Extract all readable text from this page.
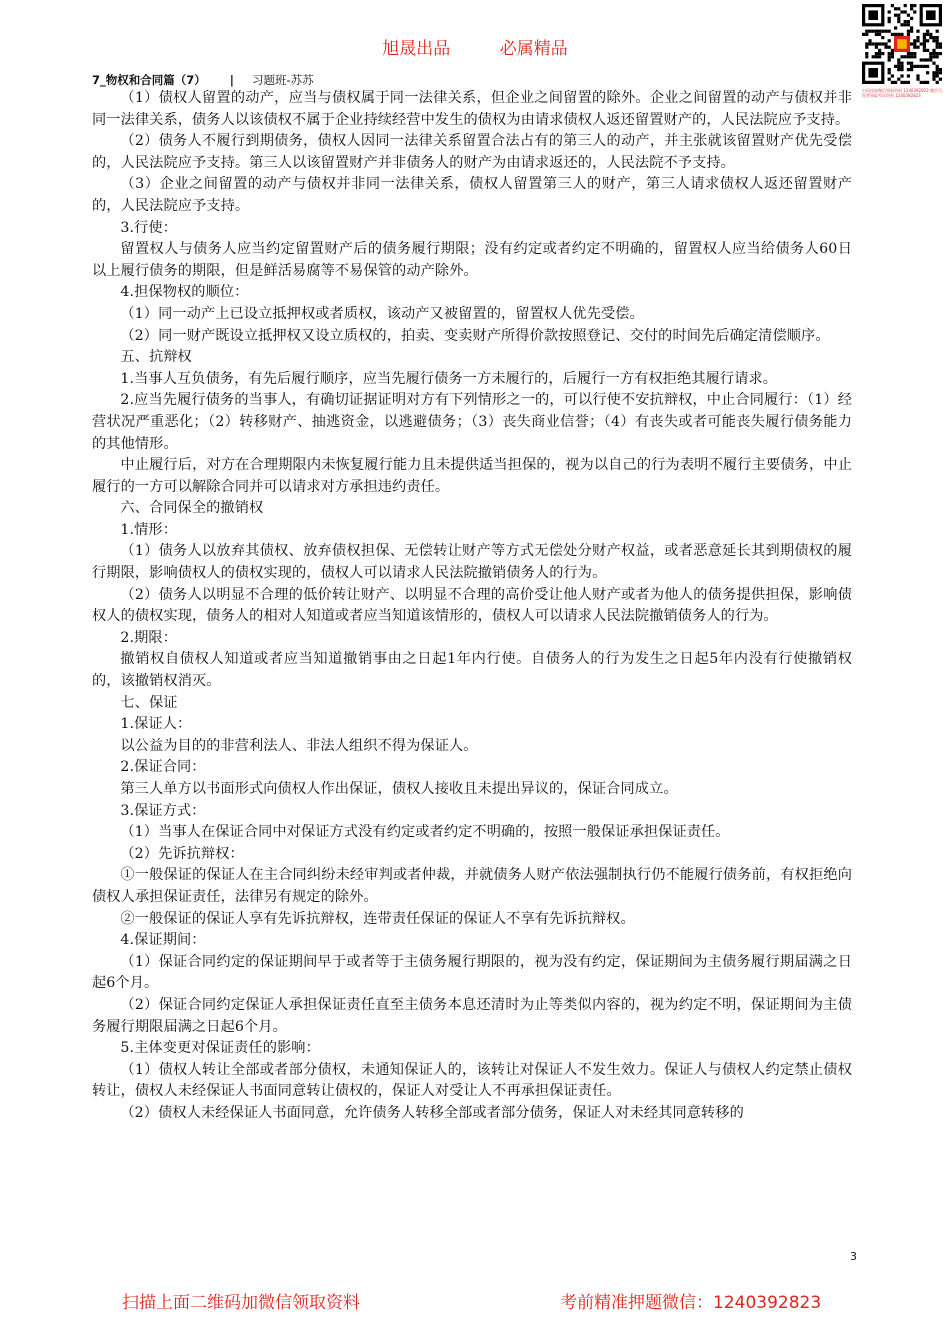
旭晟出品	必属精品
扫码添加微信领取资料 1240392823 微信号,免费领取考试资料 1240392823
7_物权和合同篇（7） | 习题班-苏苏

（1）债权人留置的动产，应当与债权属于同一法律关系，但企业之间留置的除外。企业之间留置的动产与债权并非同一法律关系，债务人以该债权不属于企业持续经营中发生的债权为由请求债权人返还留置财产的，人民法院应予支持。

（2）债务人不履行到期债务，债权人因同一法律关系留置合法占有的第三人的动产，并主张就该留置财产优先受偿的，人民法院应予支持。第三人以该留置财产并非债务人的财产为由请求返还的，人民法院不予支持。

（3）企业之间留置的动产与债权并非同一法律关系，债权人留置第三人的财产，第三人请求债权人返还留置财产的，人民法院应予支持。

3.行使：

留置权人与债务人应当约定留置财产后的债务履行期限；没有约定或者约定不明确的，留置权人应当给债务人60日以上履行债务的期限，但是鲜活易腐等不易保管的动产除外。

4.担保物权的顺位：

（1）同一动产上已设立抵押权或者质权，该动产又被留置的，留置权人优先受偿。

（2）同一财产既设立抵押权又设立质权的，拍卖、变卖财产所得价款按照登记、交付的时间先后确定清偿顺序。

五、抗辩权

1.当事人互负债务，有先后履行顺序，应当先履行债务一方未履行的，后履行一方有权拒绝其履行请求。

2.应当先履行债务的当事人，有确切证据证明对方有下列情形之一的，可以行使不安抗辩权，中止合同履行：（1）经营状况严重恶化；（2）转移财产、抽逃资金，以逃避债务；（3）丧失商业信誉；（4）有丧失或者可能丧失履行债务能力的其他情形。

中止履行后，对方在合理期限内未恢复履行能力且未提供适当担保的，视为以自己的行为表明不履行主要债务，中止履行的一方可以解除合同并可以请求对方承担违约责任。

六、合同保全的撤销权

1.情形：

（1）债务人以放弃其债权、放弃债权担保、无偿转让财产等方式无偿处分财产权益，或者恶意延长其到期债权的履行期限，影响债权人的债权实现的，债权人可以请求人民法院撤销债务人的行为。

（2）债务人以明显不合理的低价转让财产、以明显不合理的高价受让他人财产或者为他人的债务提供担保，影响债权人的债权实现，债务人的相对人知道或者应当知道该情形的，债权人可以请求人民法院撤销债务人的行为。

2.期限：

撤销权自债权人知道或者应当知道撤销事由之日起1年内行使。自债务人的行为发生之日起5年内没有行使撤销权的，该撤销权消灭。

七、保证

1.保证人：

以公益为目的的非营利法人、非法人组织不得为保证人。

2.保证合同：

第三人单方以书面形式向债权人作出保证，债权人接收且未提出异议的，保证合同成立。

3.保证方式：

（1）当事人在保证合同中对保证方式没有约定或者约定不明确的，按照一般保证承担保证责任。

（2）先诉抗辩权：

①一般保证的保证人在主合同纠纷未经审判或者仲裁，并就债务人财产依法强制执行仍不能履行债务前，有权拒绝向债权人承担保证责任，法律另有规定的除外。

②一般保证的保证人享有先诉抗辩权，连带责任保证的保证人不享有先诉抗辩权。

4.保证期间：

（1）保证合同约定的保证期间早于或者等于主债务履行期限的，视为没有约定，保证期间为主债务履行期届满之日起6个月。

（2）保证合同约定保证人承担保证责任直至主债务本息还清时为止等类似内容的，视为约定不明，保证期间为主债务履行期限届满之日起6个月。

5.主体变更对保证责任的影响：

（1）债权人转让全部或者部分债权，未通知保证人的，该转让对保证人不发生效力。保证人与债权人约定禁止债权转让，债权人未经保证人书面同意转让债权的，保证人对受让人不再承担保证责任。

（2）债权人未经保证人书面同意，允许债务人转移全部或者部分债务，保证人对未经其同意转移的

3
扫描上面二维码加微信领取资料	考前精准押题微信：1240392823
